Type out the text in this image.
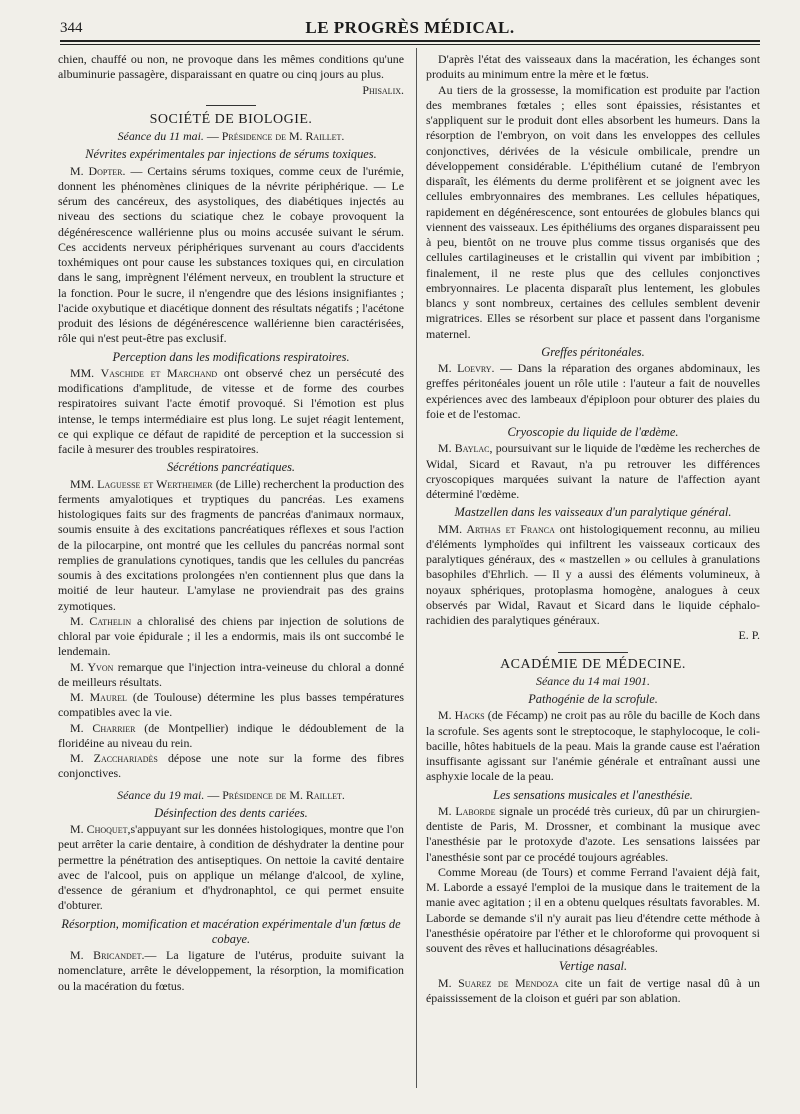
344	LE PROGRÈS MÉDICAL.

chien, chauffé ou non, ne provoque dans les mêmes conditions qu'une albuminurie passagère, disparaissant en quatre ou cinq jours au plus.

Phisalix.
SOCIÉTÉ DE BIOLOGIE.
Séance du 11 mai. — Présidence de M. Raillet.
Névrites expérimentales par injections de sérums toxiques.

M. Dopter. — Certains sérums toxiques, comme ceux de l'urémie, donnent les phénomènes cliniques de la névrite périphérique. — Le sérum des cancéreux, des asystoliques, des diabétiques injectés au niveau des sections du sciatique chez le cobaye provoquent la dégénérescence wallérienne plus ou moins accusée suivant le sérum. Ces accidents nerveux périphériques survenant au cours d'accidents toxhémiques ont pour cause les substances toxiques qui, en circulation dans le sang, imprègnent l'élément nerveux, en troublent la structure et la fonction. Pour le sucre, il n'engendre que des lésions insignifiantes ; l'acide oxybutique et diacétique donnent des résultats négatifs ; l'acétone produit des lésions de dégénérescence wallérienne bien caractérisées, rôle qui n'est peut-être pas exclusif.

Perception dans les modifications respiratoires.

MM. Vaschide et Marchand ont observé chez un persécuté des modifications d'amplitude, de vitesse et de forme des courbes respiratoires suivant l'acte émotif provoqué. Si l'émotion est plus intense, le temps intermédiaire est plus long. Le sujet réagit lentement, ce qui explique ce défaut de rapidité de perception et la succession si facile à mesurer des troubles respiratoires.

Sécrétions pancréatiques.

MM. Laguesse et Wertheimer (de Lille) recherchent la production des ferments amyalotiques et tryptiques du pancréas. Les examens histologiques faits sur des fragments de pancréas d'animaux normaux, soumis ensuite à des excitations pancréatiques réflexes et sous l'action de la pilocarpine, ont montré que les cellules du pancréas normal sont remplies de granulations cynotiques, tandis que les cellules du pancréas soumis à des excitations prolongées n'en contiennent plus que dans la moitié de leur hauteur. L'amylase ne proviendrait pas des grains zymotiques.

M. Cathelin a chloralisé des chiens par injection de solutions de chloral par voie épidurale ; il les a endormis, mais ils ont succombé le lendemain.

M. Yvon remarque que l'injection intra-veineuse du chloral a donné de meilleurs résultats.

M. Maurel (de Toulouse) détermine les plus basses températures compatibles avec la vie.

M. Charrier (de Montpellier) indique le dédoublement de la floridéine au niveau du rein.

M. Zacchariadès dépose une note sur la forme des fibres conjonctives.

Séance du 19 mai. — Présidence de M. Raillet.
Désinfection des dents cariées.

M. Choquet,s'appuyant sur les données histologiques, montre que l'on peut arrêter la carie dentaire, à condition de déshydrater la dentine pour permettre la pénétration des antiseptiques. On nettoie la cavité dentaire avec de l'alcool, puis on applique un mélange d'alcool, de xyline, d'essence de géranium et d'hydronaphtol, ce qui permet ensuite d'obturer.

Résorption, momification et macération expérimentale d'un fœtus de cobaye.

M. Bricandet.— La ligature de l'utérus, produite suivant la nomenclature, arrête le développement, la résorption, la momification ou la macération du fœtus.

D'après l'état des vaisseaux dans la macération, les échanges sont produits au minimum entre la mère et le fœtus.

Au tiers de la grossesse, la momification est produite par l'action des membranes fœtales ; elles sont épaissies, résistantes et s'appliquent sur le produit dont elles absorbent les humeurs. Dans la résorption de l'embryon, on voit dans les enveloppes des cellules conjonctives, dérivées de la vésicule ombilicale, prendre un développement considérable. L'épithélium cutané de l'embryon disparaît, les éléments du derme prolifèrent et se joignent avec les cellules embryonnaires des membranes. Les cellules hépatiques, rapidement en dégénérescence, sont entourées de globules blancs qui viennent des vaisseaux. Les épithéliums des organes disparaissent peu à peu, bientôt on ne trouve plus comme tissus organisés que des cellules cartilagineuses et le cristallin qui vivent par imbibition ; finalement, il ne reste plus que des cellules conjonctives embryonnaires. Le placenta disparaît plus lentement, les globules blancs y sont nombreux, certaines des cellules semblent devenir migratrices. Elles se résorbent sur place et passent dans l'organisme maternel.

Greffes péritonéales.

M. Loevry. — Dans la réparation des organes abdominaux, les greffes péritonéales jouent un rôle utile : l'auteur a fait de nouvelles expériences avec des lambeaux d'épiploon pour obturer des plaies du foie et de l'estomac.

Cryoscopie du liquide de l'œdème.

M. Baylac, poursuivant sur le liquide de l'œdème les recherches de Widal, Sicard et Ravaut, n'a pu retrouver les différences cryoscopiques marquées suivant la nature de l'affection ayant déterminé l'œdème.

Mastzellen dans les vaisseaux d'un paralytique général.

MM. Arthas et Franca ont histologiquement reconnu, au milieu d'éléments lymphoïdes qui infiltrent les vaisseaux corticaux des paralytiques généraux, des « mastzellen » ou cellules à granulations basophiles d'Ehrlich. — Il y a aussi des éléments volumineux, à noyaux sphériques, protoplasma homogène, analogues à ceux observés par Widal, Ravaut et Sicard dans le liquide céphalo-rachidien des paralytiques généraux.

E. P.
ACADÉMIE DE MÉDECINE.
Séance du 14 mai 1901.
Pathogénie de la scrofule.

M. Hacks (de Fécamp) ne croit pas au rôle du bacille de Koch dans la scrofule. Ses agents sont le streptocoque, le staphylocoque, le coli-bacille, hôtes habituels de la peau. Mais la grande cause est l'aération insuffisante agissant sur l'anémie générale et entraînant aussi une asphyxie locale de la peau.

Les sensations musicales et l'anesthésie.

M. Laborde signale un procédé très curieux, dû par un chirurgien-dentiste de Paris, M. Drossner, et combinant la musique avec l'anesthésie par le protoxyde d'azote. Les sensations laissées par l'anesthésie sont par ce procédé toujours agréables.

Comme Moreau (de Tours) et comme Ferrand l'avaient déjà fait, M. Laborde a essayé l'emploi de la musique dans le traitement de la manie avec agitation ; il en a obtenu quelques résultats favorables. M. Laborde se demande s'il n'y aurait pas lieu d'étendre cette méthode à l'anesthésie opératoire par l'éther et le chloroforme qui provoquent si souvent des rêves et hallucinations désagréables.

Vertige nasal.

M. Suarez de Mendoza cite un fait de vertige nasal dû à un épaississement de la cloison et guéri par son ablation.
